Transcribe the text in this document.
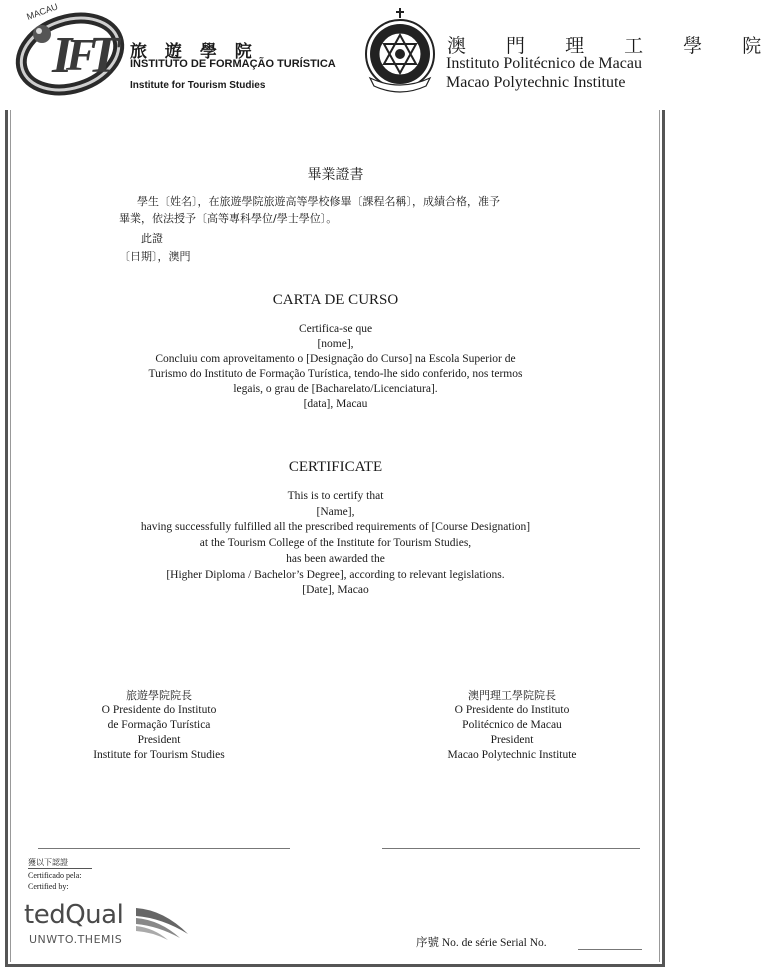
I
F
T
MACAU
旅 遊 學 院
INSTITUTO DE FORMAÇÃO TURÍSTICA
Institute for Tourism Studies
澳 門 理 工 學 院
Instituto Politécnico de Macau
Macao Polytechnic Institute
畢業證書
學生〔姓名〕，在旅遊學院旅遊高等學校修畢〔課程名稱〕，成績合格，准予
畢業，依法授予〔高等專科學位/學士學位〕。
此證
〔日期〕，澳門
CARTA DE CURSO
Certifica-se que
[nome],
Concluiu com aproveitamento o [Designação do Curso] na Escola Superior de
Turismo do Instituto de Formação Turística, tendo-lhe sido conferido, nos termos
legais, o grau de [Bacharelato/Licenciatura].
[data], Macau
CERTIFICATE
This is to certify that
[Name],
having successfully fulfilled all the prescribed requirements of [Course Designation]
at the Tourism College of the Institute for Tourism Studies,
has been awarded the
[Higher Diploma / Bachelor’s Degree], according to relevant legislations.
[Date], Macao
旅遊學院院長
O Presidente do Instituto
de Formação Turística
President
Institute for Tourism Studies
澳門理工學院院長
O Presidente do Instituto
Politécnico de Macau
President
Macao Polytechnic Institute
獲以下認證
Certificado pela:
Certified by:
tedQual
UNWTO.THEMIS	序號 No. de série Serial No.
